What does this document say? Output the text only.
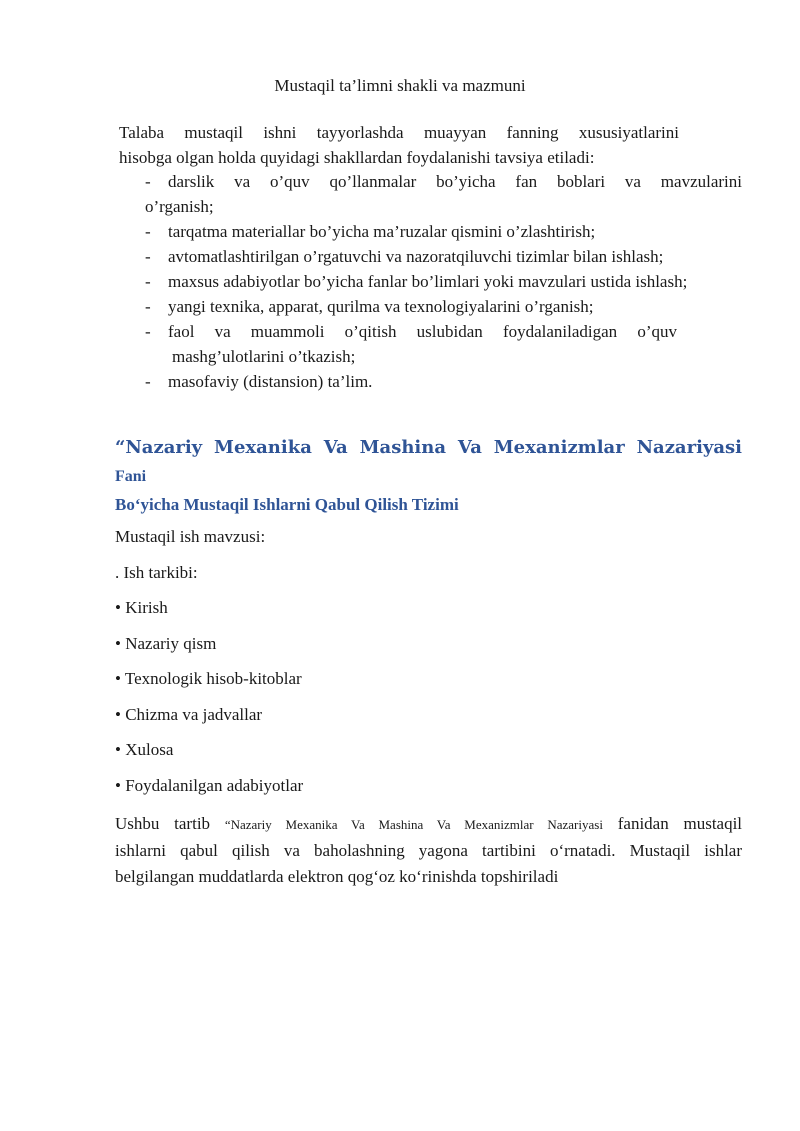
Mustaqil ta’limni shakli va mazmuni
Talaba mustaqil ishni tayyorlashda muayyan fanning xususiyatlarini
hisobga olgan holda quyidagi shakllardan foydalanishi tavsiya etiladi:
-	darslik va o’quv qo’llanmalar bo’yicha fan boblari va mavzularini
o’rganish;
-	tarqatma materiallar bo’yicha ma’ruzalar qismini o’zlashtirish;
-	avtomatlashtirilgan o’rgatuvchi va nazoratqiluvchi tizimlar bilan ishlash;
-	maxsus adabiyotlar bo’yicha fanlar bo’limlari yoki mavzulari ustida ishlash;
-	yangi texnika, apparat, qurilma va texnologiyalarini o’rganish;
-	faol va muammoli o’qitish uslubidan foydalaniladigan o’quv
mashg’ulotlarini o’tkazish;
-	masofaviy (distansion) ta’lim.
“Nazariy Mexanika Va Mashina Va Mexanizmlar Nazariyasi Fani
Bo‘yicha Mustaqil Ishlarni Qabul Qilish Tizimi
Mustaqil ish mavzusi:
. Ish tarkibi:
• Kirish
• Nazariy qism
• Texnologik hisob-kitoblar
• Chizma va jadvallar
• Xulosa
• Foydalanilgan adabiyotlar
Ushbu tartib “Nazariy Mexanika Va Mashina Va Mexanizmlar Nazariyasi fanidan mustaqil
ishlarni qabul qilish va baholashning yagona tartibini o‘rnatadi. Mustaqil ishlar
belgilangan muddatlarda elektron qog‘oz ko‘rinishda topshiriladi
